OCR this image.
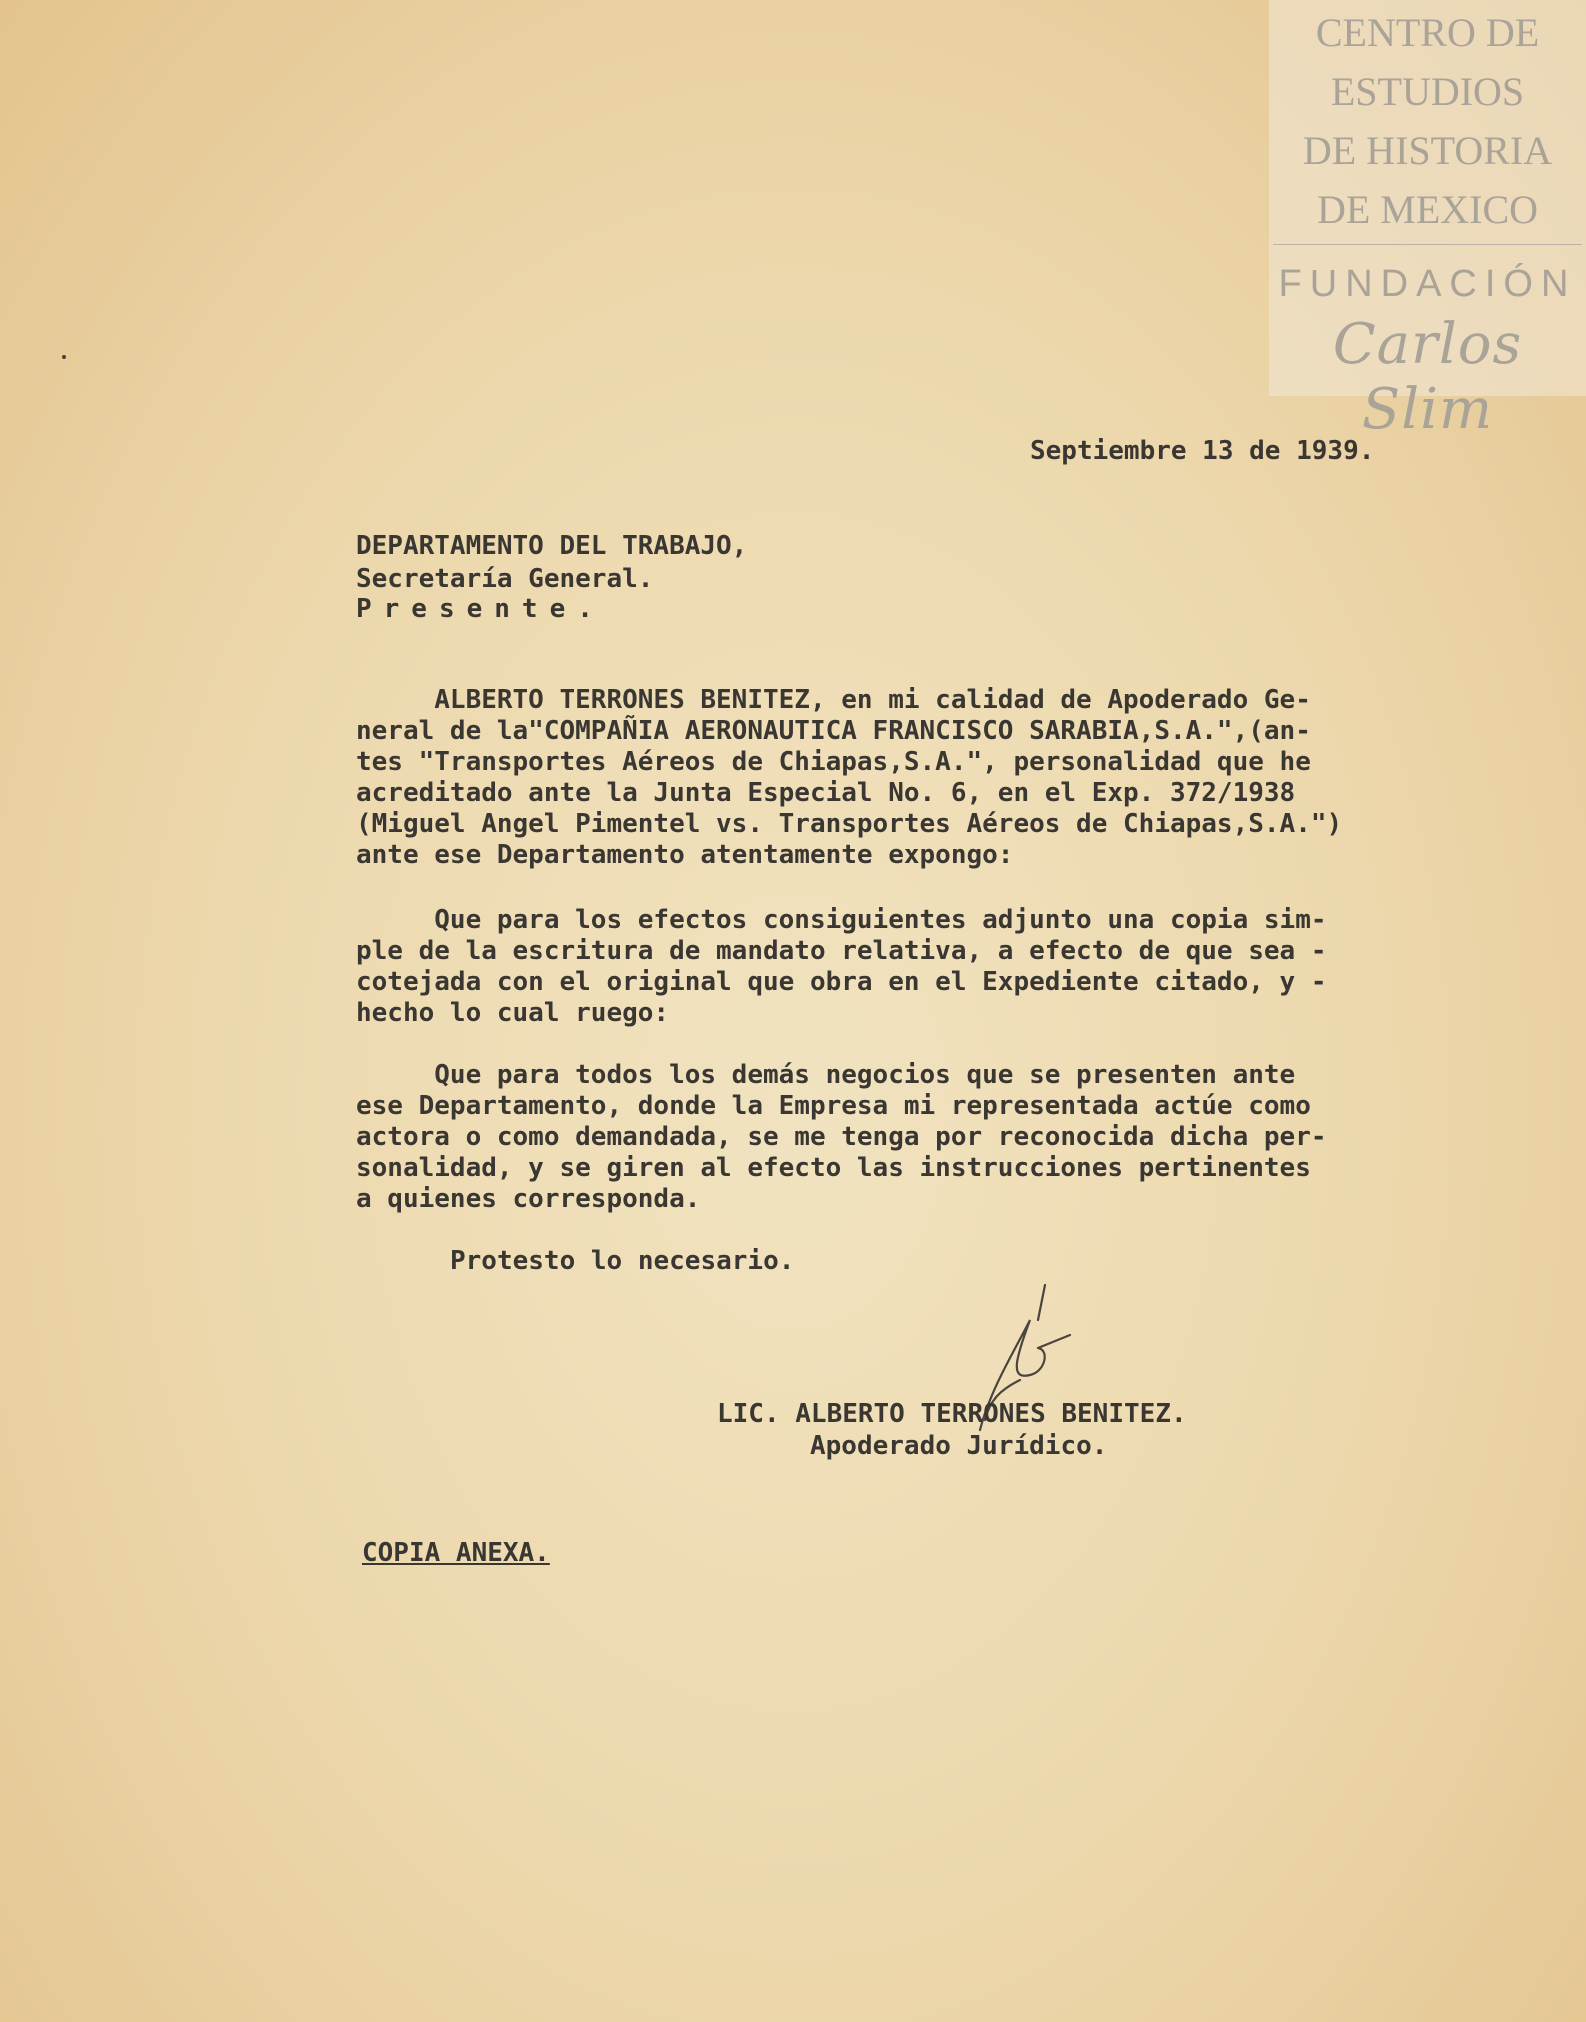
CENTRO DE
ESTUDIOS
DE HISTORIA
DE MEXICO
FUNDACIÓN
Carlos Slim
Septiembre 13 de 1939.
DEPARTAMENTO DEL TRABAJO,
Secretaría General.
Presente.
ALBERTO TERRONES BENITEZ, en mi calidad de Apoderado Ge-
neral de la"COMPAÑIA AERONAUTICA FRANCISCO SARABIA,S.A.",(an-
tes "Transportes Aéreos de Chiapas,S.A.", personalidad que he
acreditado ante la Junta Especial No. 6, en el Exp. 372/1938
(Miguel Angel Pimentel vs. Transportes Aéreos de Chiapas,S.A.")
ante ese Departamento atentamente expongo:
Que para los efectos consiguientes adjunto una copia sim-
ple de la escritura de mandato relativa, a efecto de que sea -
cotejada con el original que obra en el Expediente citado, y -
hecho lo cual ruego:
Que para todos los demás negocios que se presenten ante
ese Departamento, donde la Empresa mi representada actúe como
actora o como demandada, se me tenga por reconocida dicha per-
sonalidad, y se giren al efecto las instrucciones pertinentes
a quienes corresponda.
Protesto lo necesario.
LIC. ALBERTO TERRONES BENITEZ.
Apoderado Jurídico.
COPIA ANEXA.
